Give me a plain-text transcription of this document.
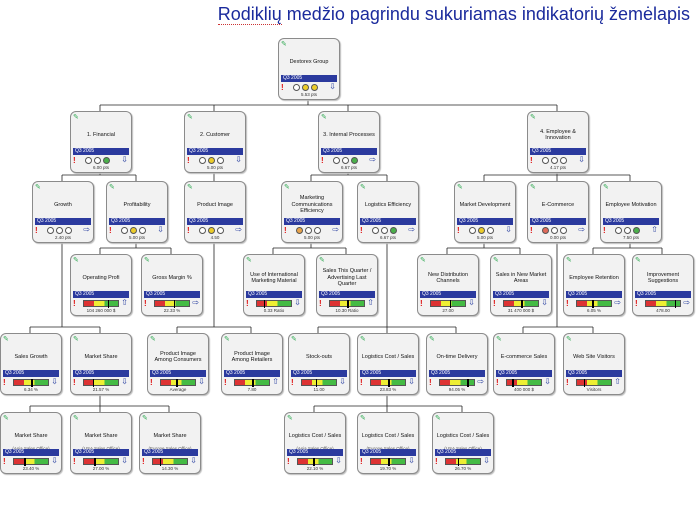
Rodiklių medžio pagrindu sukuriamas indikatorių žemėlapis
✎
Dextorex Group
Q3 2005
!	⇩
5.53 pts
✎
1. Financial
Q3 2005
!	⇩
6.00 pts
✎
2. Customer
Q3 2005
!	⇩
5.00 pts
✎
3. Internal Processes
Q3 2005
!	⇨
6.67 pts
✎
4. Employee & Innovation
Q3 2005
!	⇩
4.17 pts
✎
Growth
Q3 2005
!	⇨
2.40 pts
✎
Profitability
Q3 2005
!	⇩
5.00 pts
✎
Product Image
Q3 2005
!	⇨
4.50
✎
Marketing Communications Efficiency
Q3 2005
!	⇨
5.00 pts
✎
Logistics Efficiency
Q3 2005
!	⇨
6.67 pts
✎
Market Development
Q3 2005
!	⇩
5.00 pts
✎
E-Commerce
Q3 2005
!	⇨
0.00 pts
✎
Employee Motivation
Q3 2005
!	⇧
7.50 pts
✎
Operating Profi
Q3 2005
!	⇧
104 260 000 $
✎
Gross Margin %
Q3 2005
!	⇨
22.33 %
✎
Use of International Marketing Material
Q3 2005
!	⇩
0.33 Ratio
✎
Sales This Quarter / Advertising Last Quarter
Q3 2005
!	⇧
10.30 Ratio
✎
New Distribution Channels
Q3 2005
!	⇩
27.00
✎
Sales in New Market Areas
Q3 2005
!	⇩
31 470 000 $
✎
Employee Retention
Q3 2005
!	⇨
6.05 %
✎
Improvement Suggestions
Q3 2005
!	⇨
478.00
✎
Sales Growth
Q3 2005
!	⇩
6.34 %
✎
Market Share
Q3 2005
!	⇩
21.57 %
✎
Product Image Among Consumers
Q3 2005
!	⇩
Average
✎
Product Image Among Retailers
Q3 2005
!	⇧
7.80
✎
Stock-outs
Q3 2005
!	⇩
11.00
✎
Logistics Cost / Sales
Q3 2005
!	⇩
23.83 %
✎
On-time Delivery
Q3 2005
!	⇨
94.05 %
✎
E-commerce Sales
Q3 2005
!	⇩
400 000 $
✎
Web Site Visitors
Q3 2005
!	⇧
Visitors
✎
Market Share
Q3 2005
!	⇩
23.40 %
✎
Market Share
Q3 2005
!	⇩
27.00 %
✎
Market Share
Q3 2005
!	⇩
14.30 %
✎
Logistics Cost / Sales
Q3 2005
!	⇩
22.10 %
✎
Logistics Cost / Sales
Q3 2005
!	⇩
19.70 %
✎
Logistics Cost / Sales
Q3 2005
!	⇩
26.70 %
